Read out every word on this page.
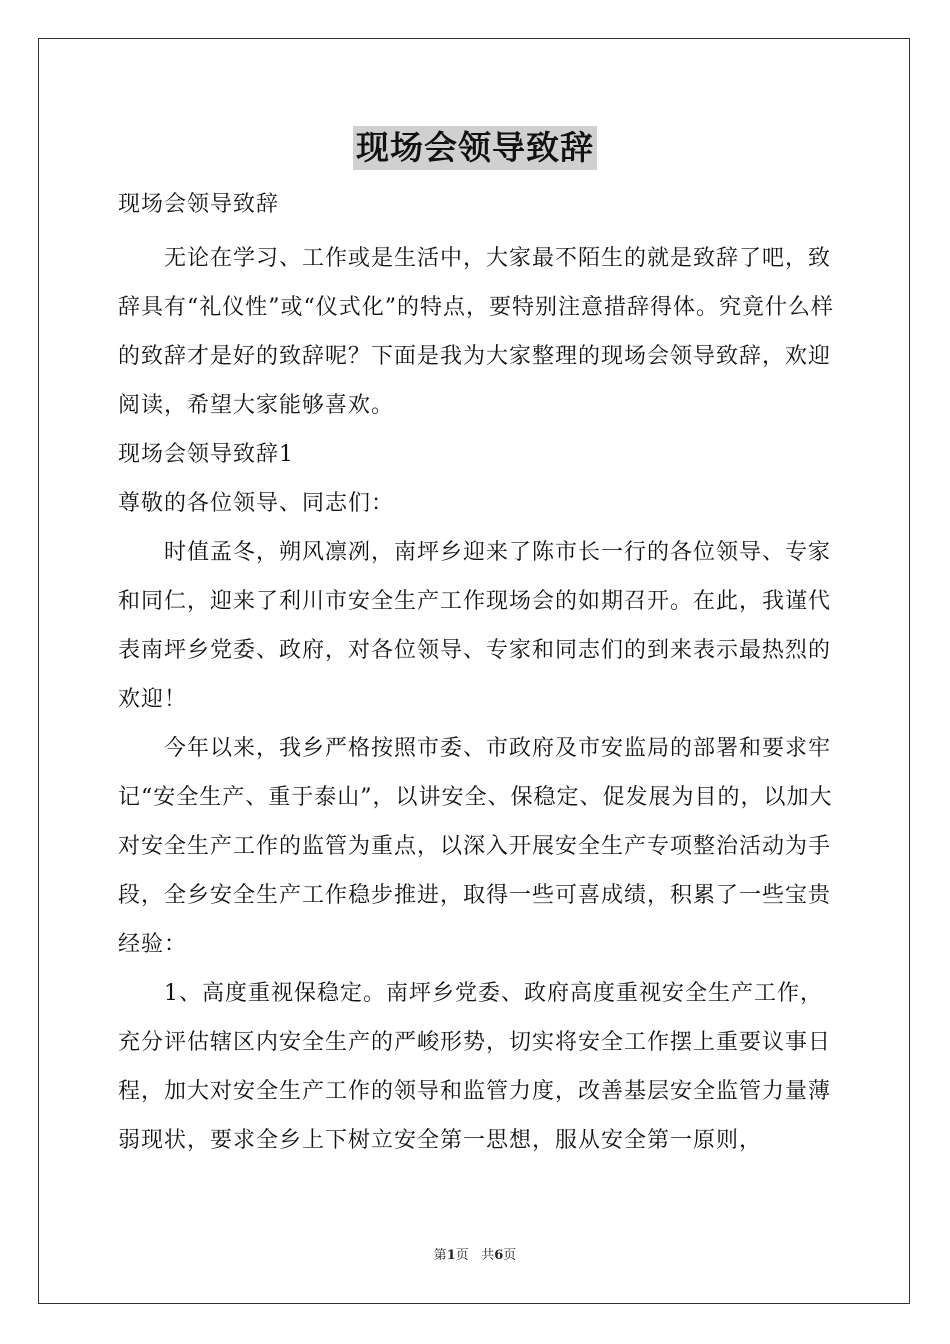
现场会领导致辞

现场会领导致辞

无论在学习、工作或是生活中，大家最不陌生的就是致辞了吧，致辞具有“礼仪性”或“仪式化”的特点，要特别注意措辞得体。究竟什么样的致辞才是好的致辞呢？下面是我为大家整理的现场会领导致辞，欢迎阅读，希望大家能够喜欢。

现场会领导致辞1

尊敬的各位领导、同志们：

时值孟冬，朔风凛冽，南坪乡迎来了陈市长一行的各位领导、专家和同仁，迎来了利川市安全生产工作现场会的如期召开。在此，我谨代表南坪乡党委、政府，对各位领导、专家和同志们的到来表示最热烈的欢迎！

今年以来，我乡严格按照市委、市政府及市安监局的部署和要求牢记“安全生产、重于泰山”，以讲安全、保稳定、促发展为目的，以加大对安全生产工作的监管为重点，以深入开展安全生产专项整治活动为手段，全乡安全生产工作稳步推进，取得一些可喜成绩，积累了一些宝贵经验：

1、高度重视保稳定。南坪乡党委、政府高度重视安全生产工作，充分评估辖区内安全生产的严峻形势，切实将安全工作摆上重要议事日程，加大对安全生产工作的领导和监管力度，改善基层安全监管力量薄弱现状，要求全乡上下树立安全第一思想，服从安全第一原则，

第1页 共6页
